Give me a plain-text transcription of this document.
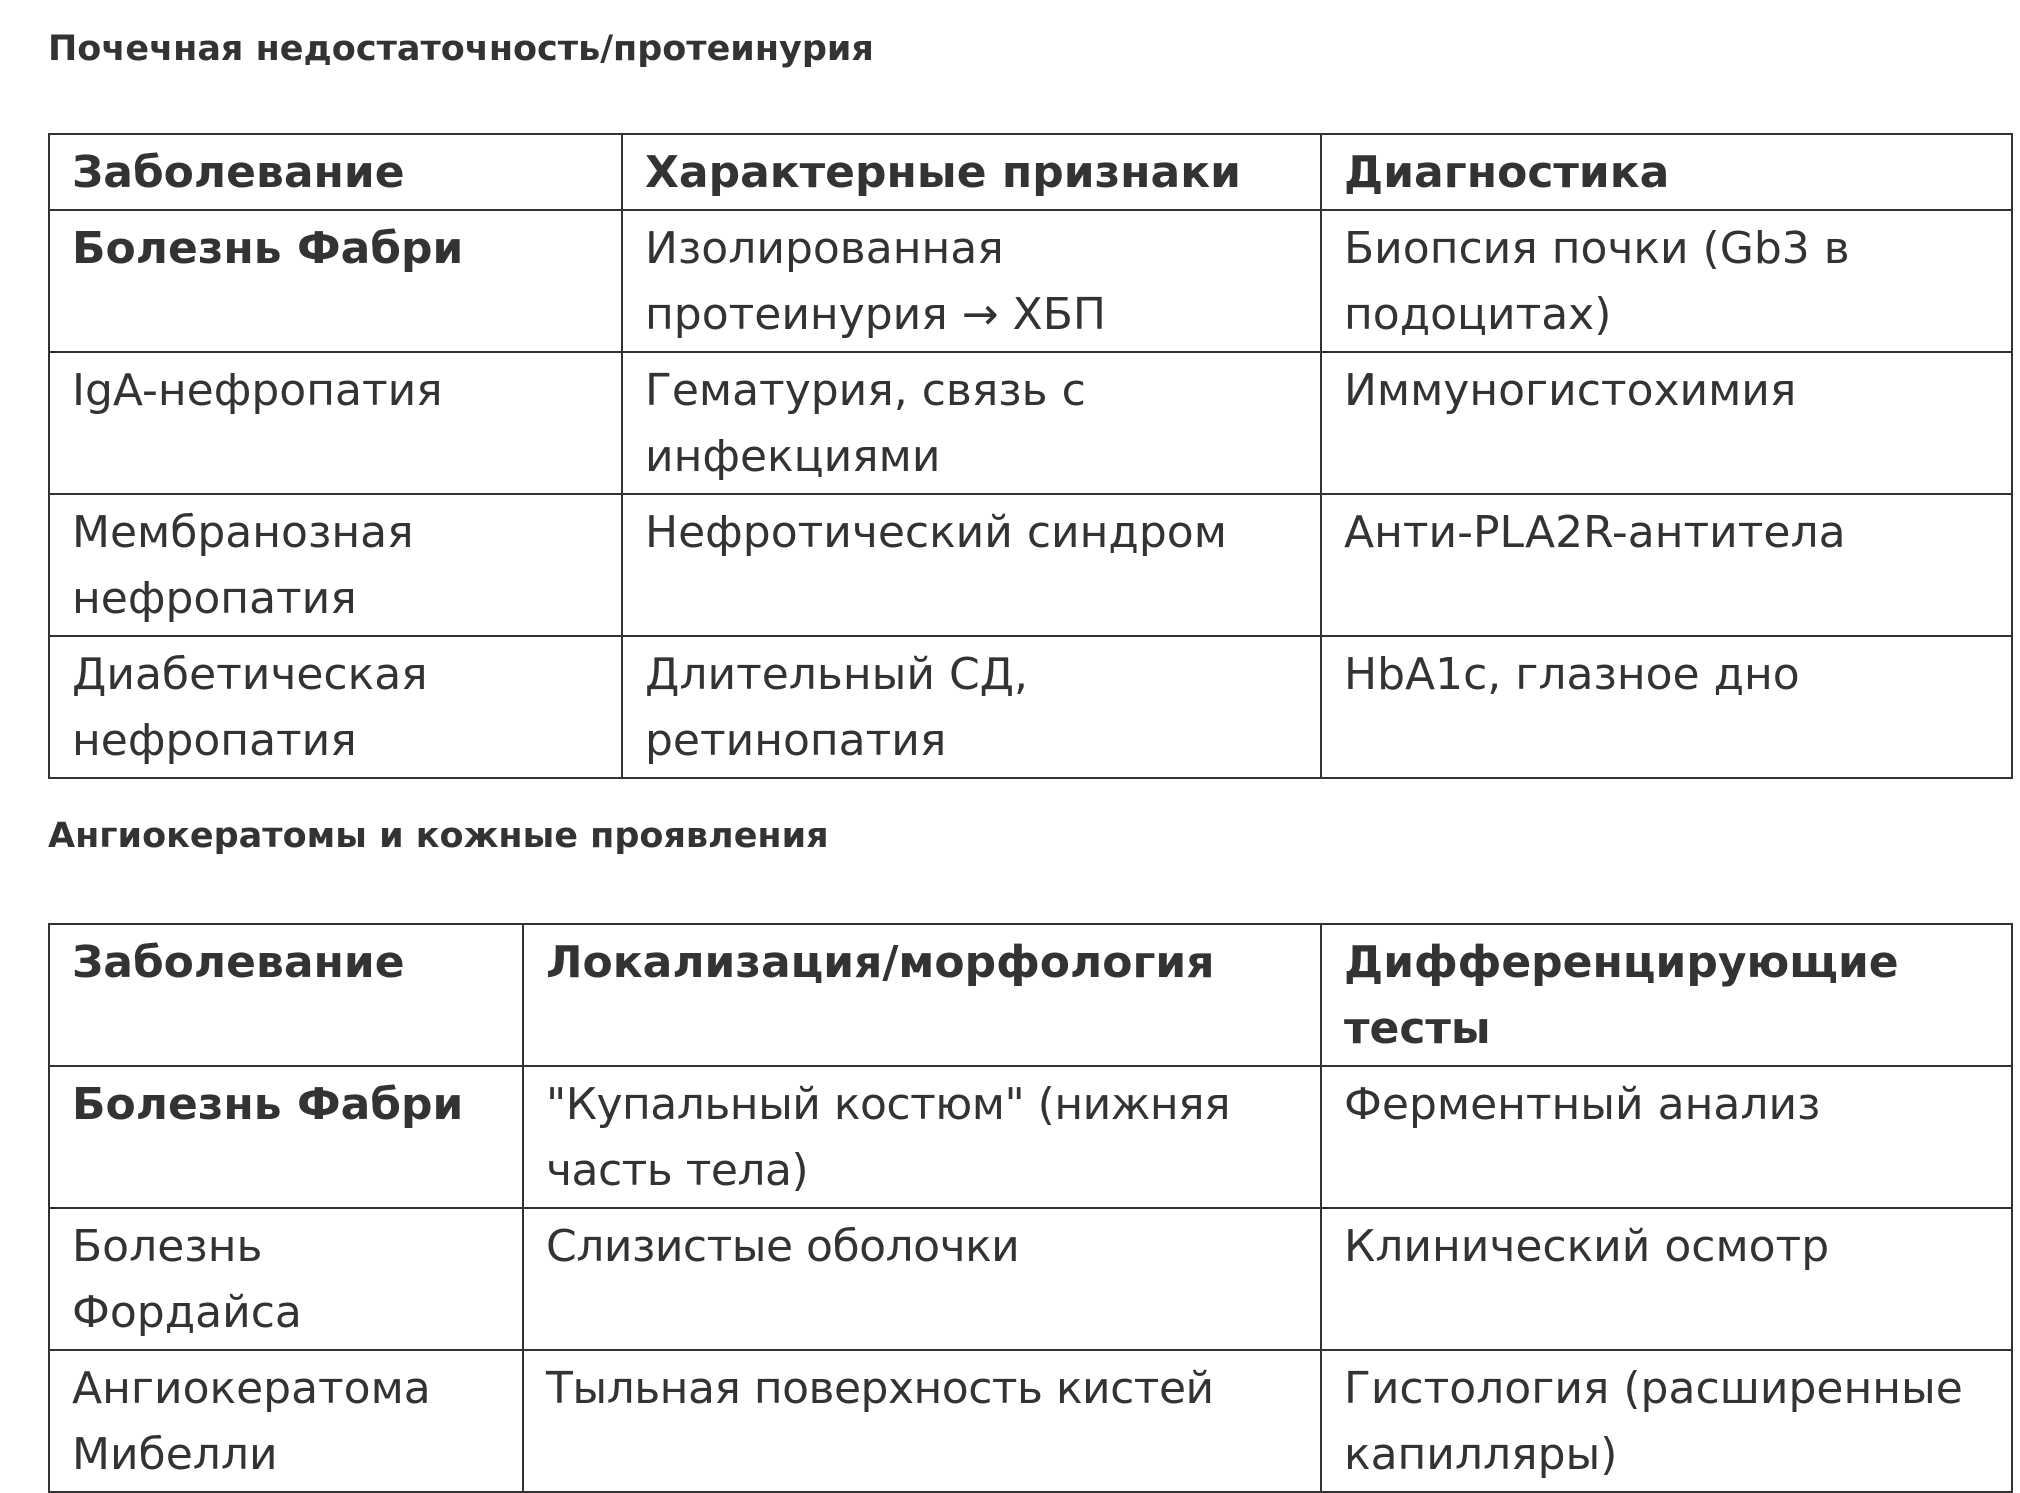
Почечная недостаточность/протеинурия
Заболевание	Характерные признаки	Диагностика
Болезнь Фабри	Изолированная протеинурия → ХБП	Биопсия почки (Gb3 в подоцитах)
IgA-нефропатия	Гематурия, связь с инфекциями	Иммуногистохимия
Мембранозная нефропатия	Нефротический синдром	Анти-PLA2R-антитела
Диабетическая нефропатия	Длительный СД, ретинопатия	HbA1c, глазное дно
Ангиокератомы и кожные проявления
Заболевание	Локализация/морфология	Дифференцирующие тесты
Болезнь Фабри	"Купальный костюм" (нижняя часть тела)	Ферментный анализ
Болезнь Фордайса	Слизистые оболочки	Клинический осмотр
Ангиокератома Мибелли	Тыльная поверхность кистей	Гистология (расширенные капилляры)
